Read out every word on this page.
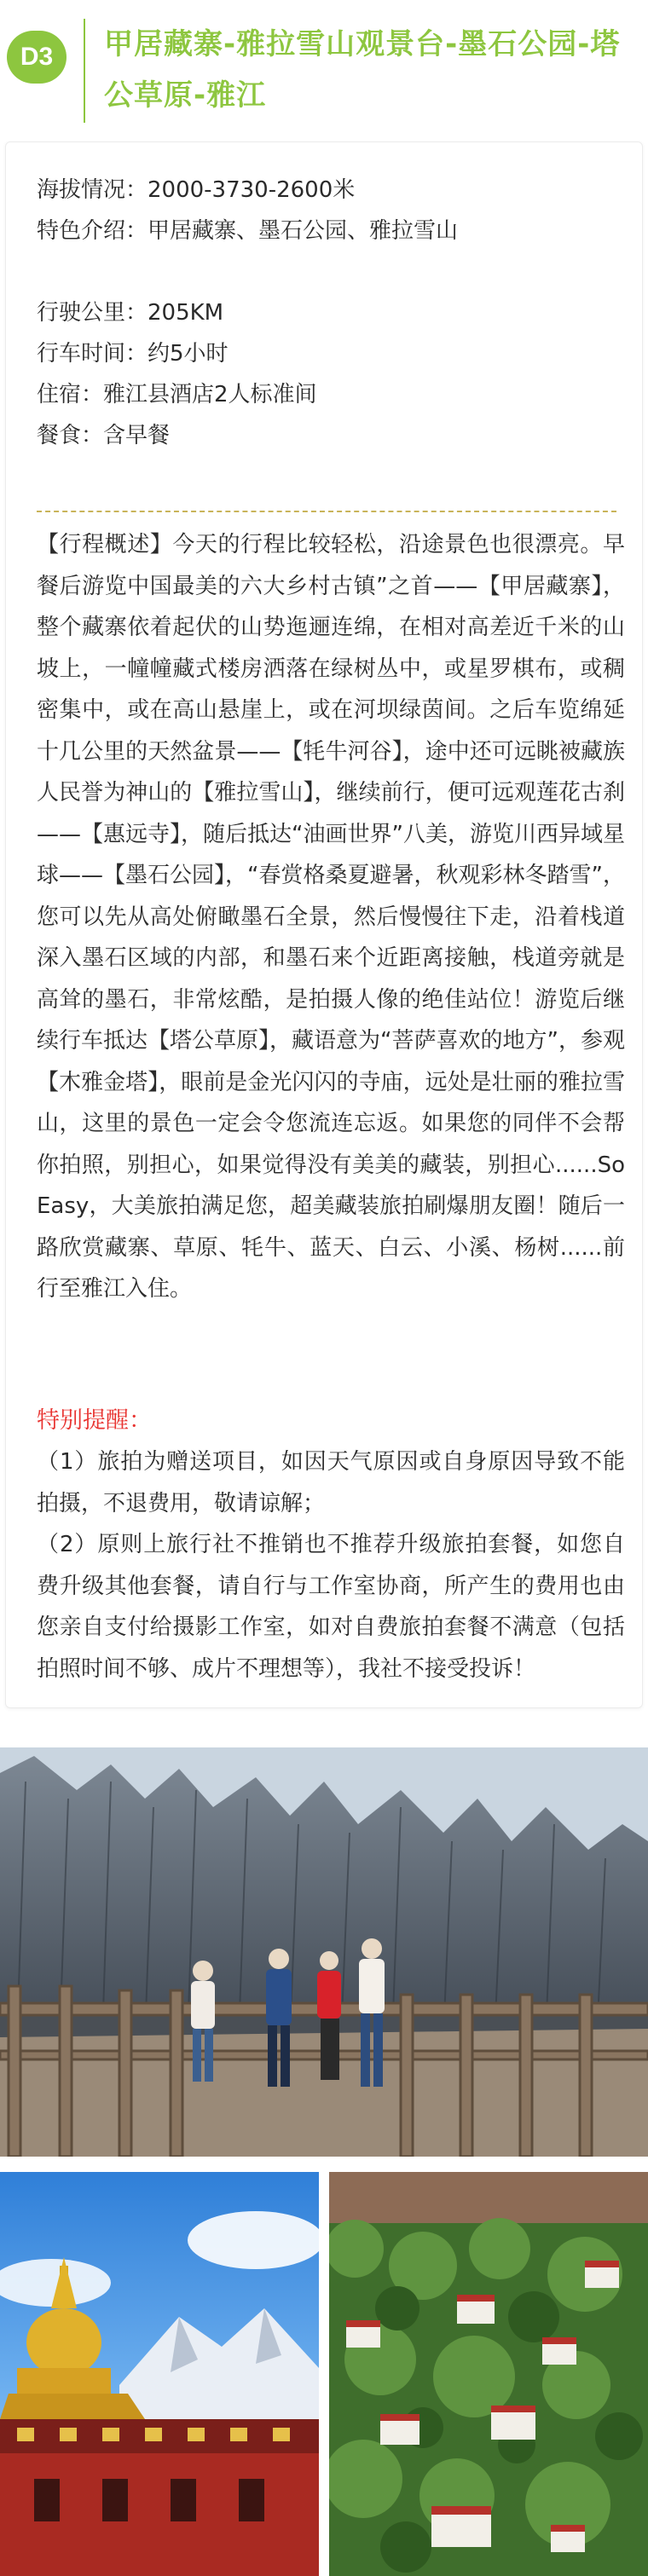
D3	甲居藏寨-雅拉雪山观景台-墨石公园-塔公草原-雅江
海拔情况：2000-3730-2600米
特色介绍：甲居藏寨、墨石公园、雅拉雪山
行驶公里：205KM
行车时间：约5小时
住宿：雅江县酒店2人标准间
餐食：含早餐
【行程概述】今天的行程比较轻松，沿途景色也很漂亮。早餐后游览中国最美的六大乡村古镇”之首——【甲居藏寨】，整个藏寨依着起伏的山势迤逦连绵，在相对高差近千米的山坡上，一幢幢藏式楼房洒落在绿树丛中，或星罗棋布，或稠密集中，或在高山悬崖上，或在河坝绿茵间。之后车览绵延十几公里的天然盆景——【牦牛河谷】，途中还可远眺被藏族人民誉为神山的【雅拉雪山】，继续前行，便可远观莲花古刹——【惠远寺】，随后抵达“油画世界”八美，游览川西异域星球——【墨石公园】，“春赏格桑夏避暑，秋观彩林冬踏雪”，您可以先从高处俯瞰墨石全景，然后慢慢往下走，沿着栈道深入墨石区域的内部，和墨石来个近距离接触，栈道旁就是高耸的墨石，非常炫酷，是拍摄人像的绝佳站位！游览后继续行车抵达【塔公草原】，藏语意为“菩萨喜欢的地方”，参观【木雅金塔】，眼前是金光闪闪的寺庙，远处是壮丽的雅拉雪山，这里的景色一定会令您流连忘返。如果您的同伴不会帮你拍照，别担心，如果觉得没有美美的藏装，别担心......So Easy，大美旅拍满足您，超美藏装旅拍刷爆朋友圈！随后一路欣赏藏寨、草原、牦牛、蓝天、白云、小溪、杨树......前行至雅江入住。
特别提醒：
（1）旅拍为赠送项目，如因天气原因或自身原因导致不能拍摄，不退费用，敬请谅解；
（2）原则上旅行社不推销也不推荐升级旅拍套餐，如您自费升级其他套餐，请自行与工作室协商，所产生的费用也由您亲自支付给摄影工作室，如对自费旅拍套餐不满意（包括拍照时间不够、成片不理想等），我社不接受投诉！
